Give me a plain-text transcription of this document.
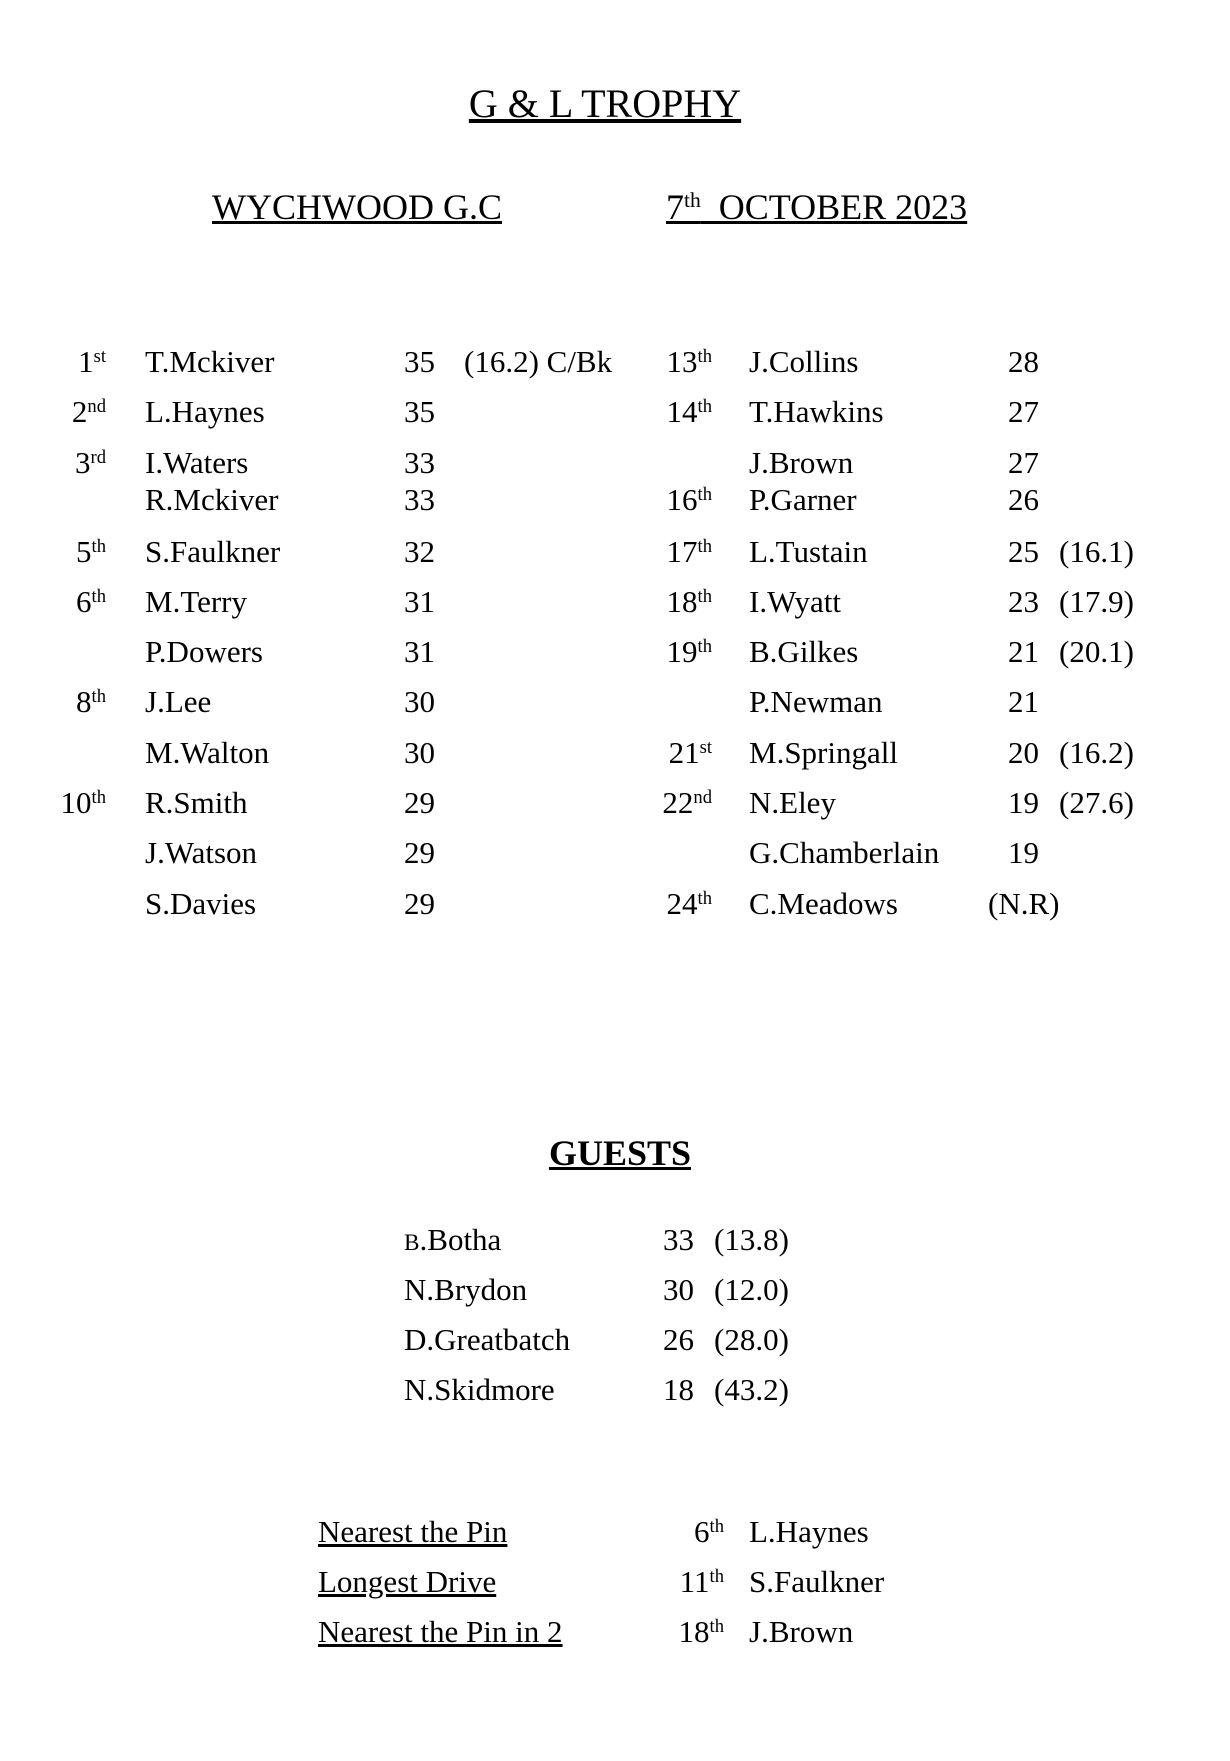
G & L TROPHY
WYCHWOOD G.C	7th  OCTOBER 2023
1st T.Mckiver	35 (16.2) C/Bk
2nd L.Haynes	35
3rd I.Waters	33
R.Mckiver	33
5th S.Faulkner	32
6th M.Terry	31
P.Dowers	31
8th J.Lee	30
M.Walton	30
10th R.Smith	29
J.Watson	29
S.Davies	29
13th J.Collins	28
14th T.Hawkins	27
J.Brown	27
16th P.Garner	26
17th L.Tustain	25 (16.1)
18th I.Wyatt	23 (17.9)
19th B.Gilkes	21 (20.1)
P.Newman	21
21st M.Springall	20 (16.2)
22nd N.Eley	19 (27.6)
G.Chamberlain 19
24th C.Meadows	(N.R)
GUESTS
B.Botha	33 (13.8)
N.Brydon	30 (12.0)
D.Greatbatch	26 (28.0)
N.Skidmore	18 (43.2)
Nearest the Pin	6th L.Haynes
Longest Drive	11th S.Faulkner
Nearest the Pin in 2	18th J.Brown
